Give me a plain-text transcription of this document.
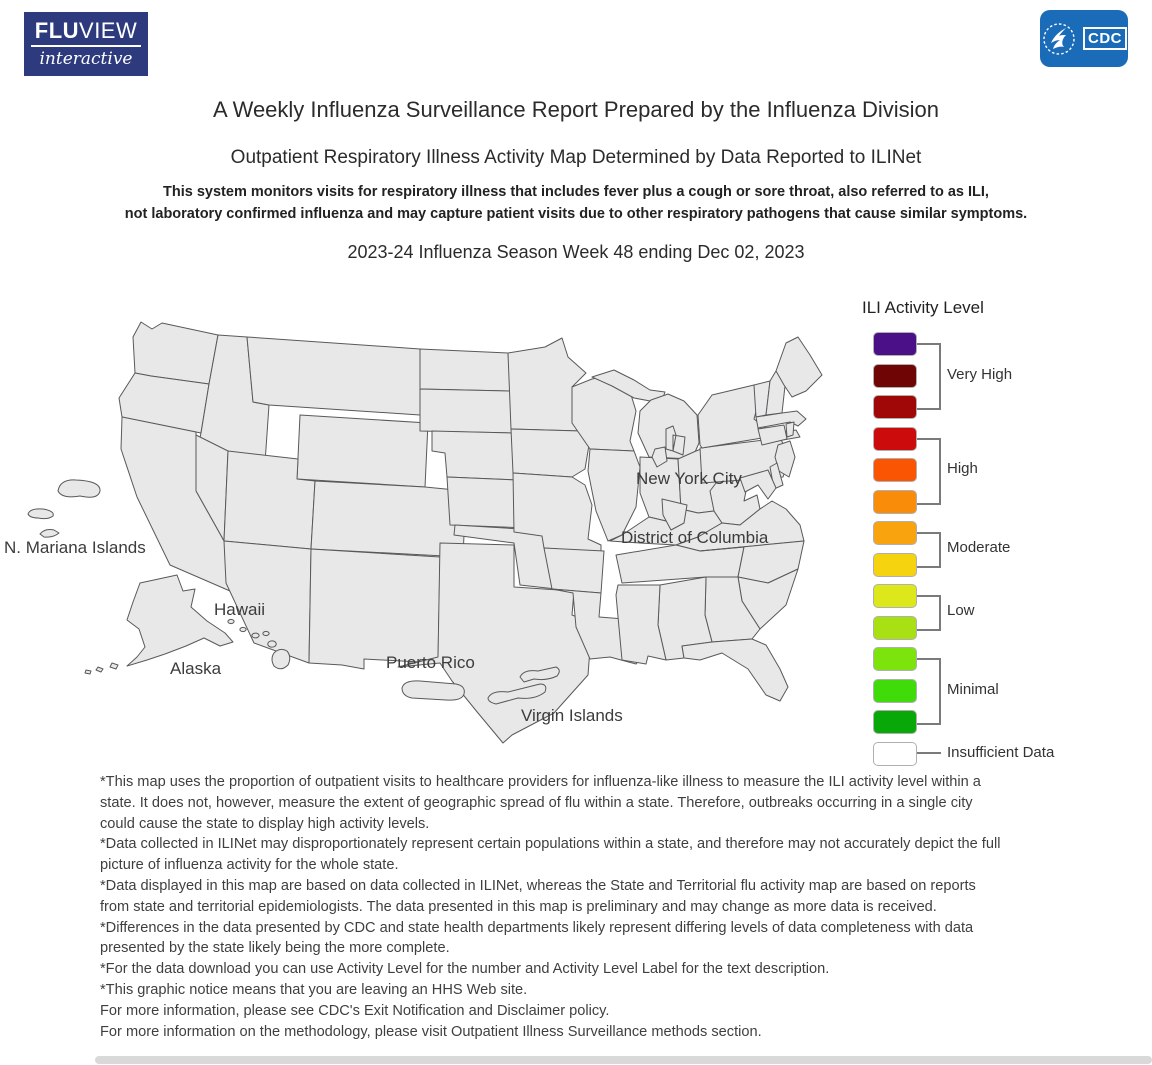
FLUVIEW
interactive
CDC
A Weekly Influenza Surveillance Report Prepared by the Influenza Division
Outpatient Respiratory Illness Activity Map Determined by Data Reported to ILINet
This system monitors visits for respiratory illness that includes fever plus a cough or sore throat, also referred to as ILI,
not laboratory confirmed influenza and may capture patient visits due to other respiratory pathogens that cause similar symptoms.
2023-24 Influenza Season Week 48 ending Dec 02, 2023
N. Mariana Islands
Hawaii
Alaska	Puerto Rico
Virgin Islands
New York City
District of Columbia
ILI Activity Level
Very High
High
Moderate
Low
Minimal
Insufficient Data

*This map uses the proportion of outpatient visits to healthcare providers for influenza-like illness to measure the ILI activity level within a state. It does not, however, measure the extent of geographic spread of flu within a state. Therefore, outbreaks occurring in a single city could cause the state to display high activity levels.

*Data collected in ILINet may disproportionately represent certain populations within a state, and therefore may not accurately depict the full picture of influenza activity for the whole state.

*Data displayed in this map are based on data collected in ILINet, whereas the State and Territorial flu activity map are based on reports from state and territorial epidemiologists. The data presented in this map is preliminary and may change as more data is received.

*Differences in the data presented by CDC and state health departments likely represent differing levels of data completeness with data presented by the state likely being the more complete.

*For the data download you can use Activity Level for the number and Activity Level Label for the text description.

*This graphic notice means that you are leaving an HHS Web site.

For more information, please see CDC's Exit Notification and Disclaimer policy.

For more information on the methodology, please visit Outpatient Illness Surveillance methods section.
